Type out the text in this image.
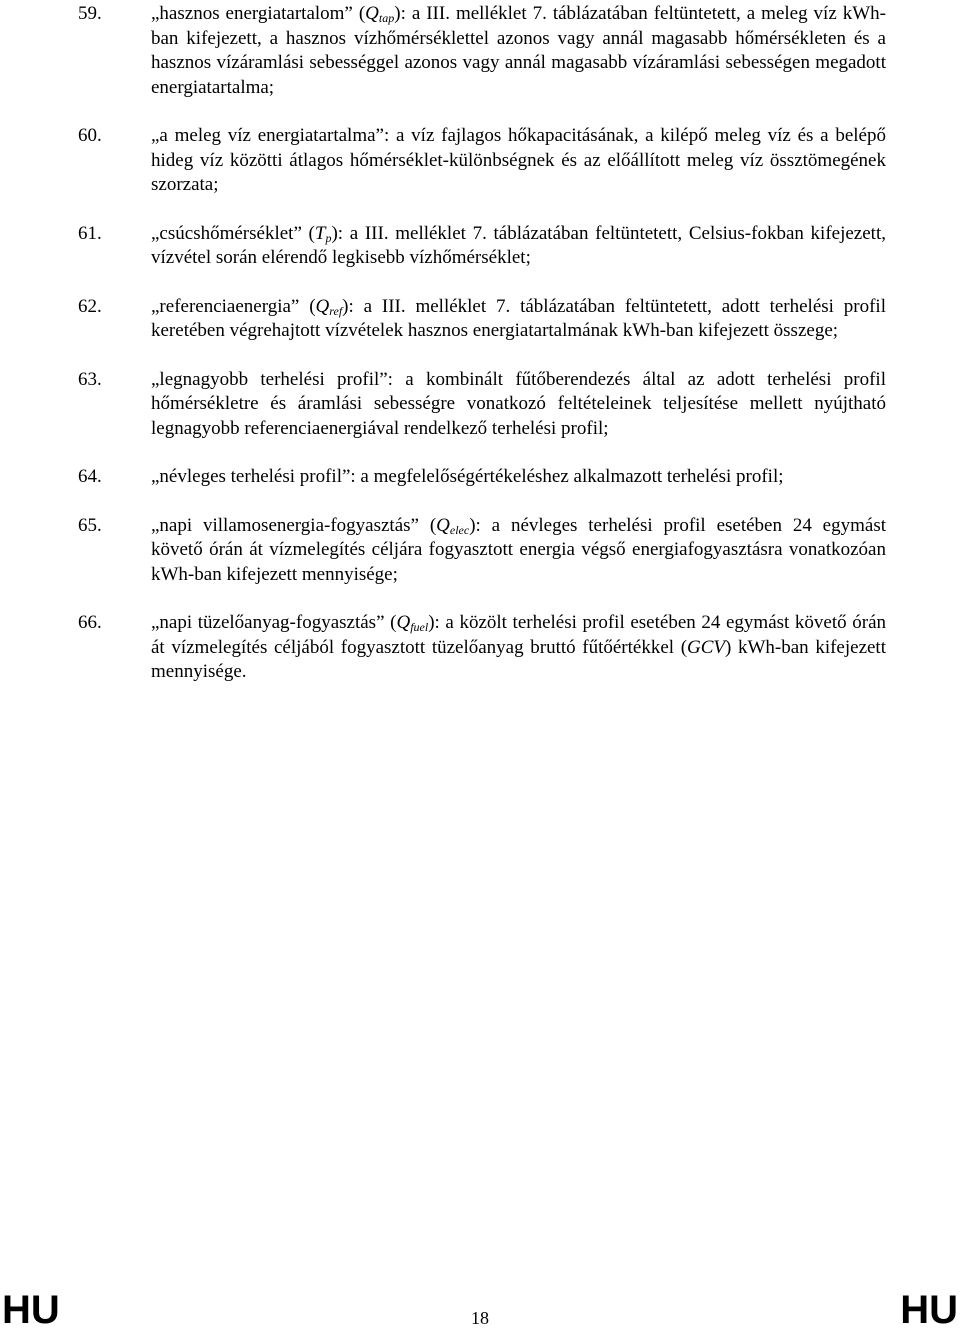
59.	„hasznos energiatartalom” $(Q_{tap})$: a III. melléklet 7. táblázatában feltüntetett, a meleg víz kWh-ban kifejezett, a hasznos vízhőmérséklettel azonos vagy annál magasabb hőmérsékleten és a hasznos vízáramlási sebességgel azonos vagy annál magasabb vízáramlási sebességen megadott energiatartalma;
60.	„a meleg víz energiatartalma”: a víz fajlagos hőkapacitásának, a kilépő meleg víz és a belépő hideg víz közötti átlagos hőmérséklet-különbségnek és az előállított meleg víz össztömegének szorzata;
61.	„csúcshőmérséklet” $(T_p)$: a III. melléklet 7. táblázatában feltüntetett, Celsius-fokban kifejezett, vízvétel során elérendő legkisebb vízhőmérséklet;
62.	„referenciaenergia” $(Q_{ref})$: a III. melléklet 7. táblázatában feltüntetett, adott terhelési profil keretében végrehajtott vízvételek hasznos energiatartalmának kWh-ban kifejezett összege;
63.	„legnagyobb terhelési profil”: a kombinált fűtőberendezés által az adott terhelési profil hőmérsékletre és áramlási sebességre vonatkozó feltételeinek teljesítése mellett nyújtható legnagyobb referenciaenergiával rendelkező terhelési profil;
64.	„névleges terhelési profil”: a megfelelőségértékeléshez alkalmazott terhelési profil;
65.	„napi villamosenergia-fogyasztás” $(Q_{elec})$: a névleges terhelési profil esetében 24 egymást követő órán át vízmelegítés céljára fogyasztott energia végső energiafogyasztásra vonatkozóan kWh-ban kifejezett mennyisége;
66.	„napi tüzelőanyag-fogyasztás” $(Q_{fuel})$: a közölt terhelési profil esetében 24 egymást követő órán át vízmelegítés céljából fogyasztott tüzelőanyag bruttó fűtőértékkel (GCV) kWh-ban kifejezett mennyisége.
HU	18	HU
